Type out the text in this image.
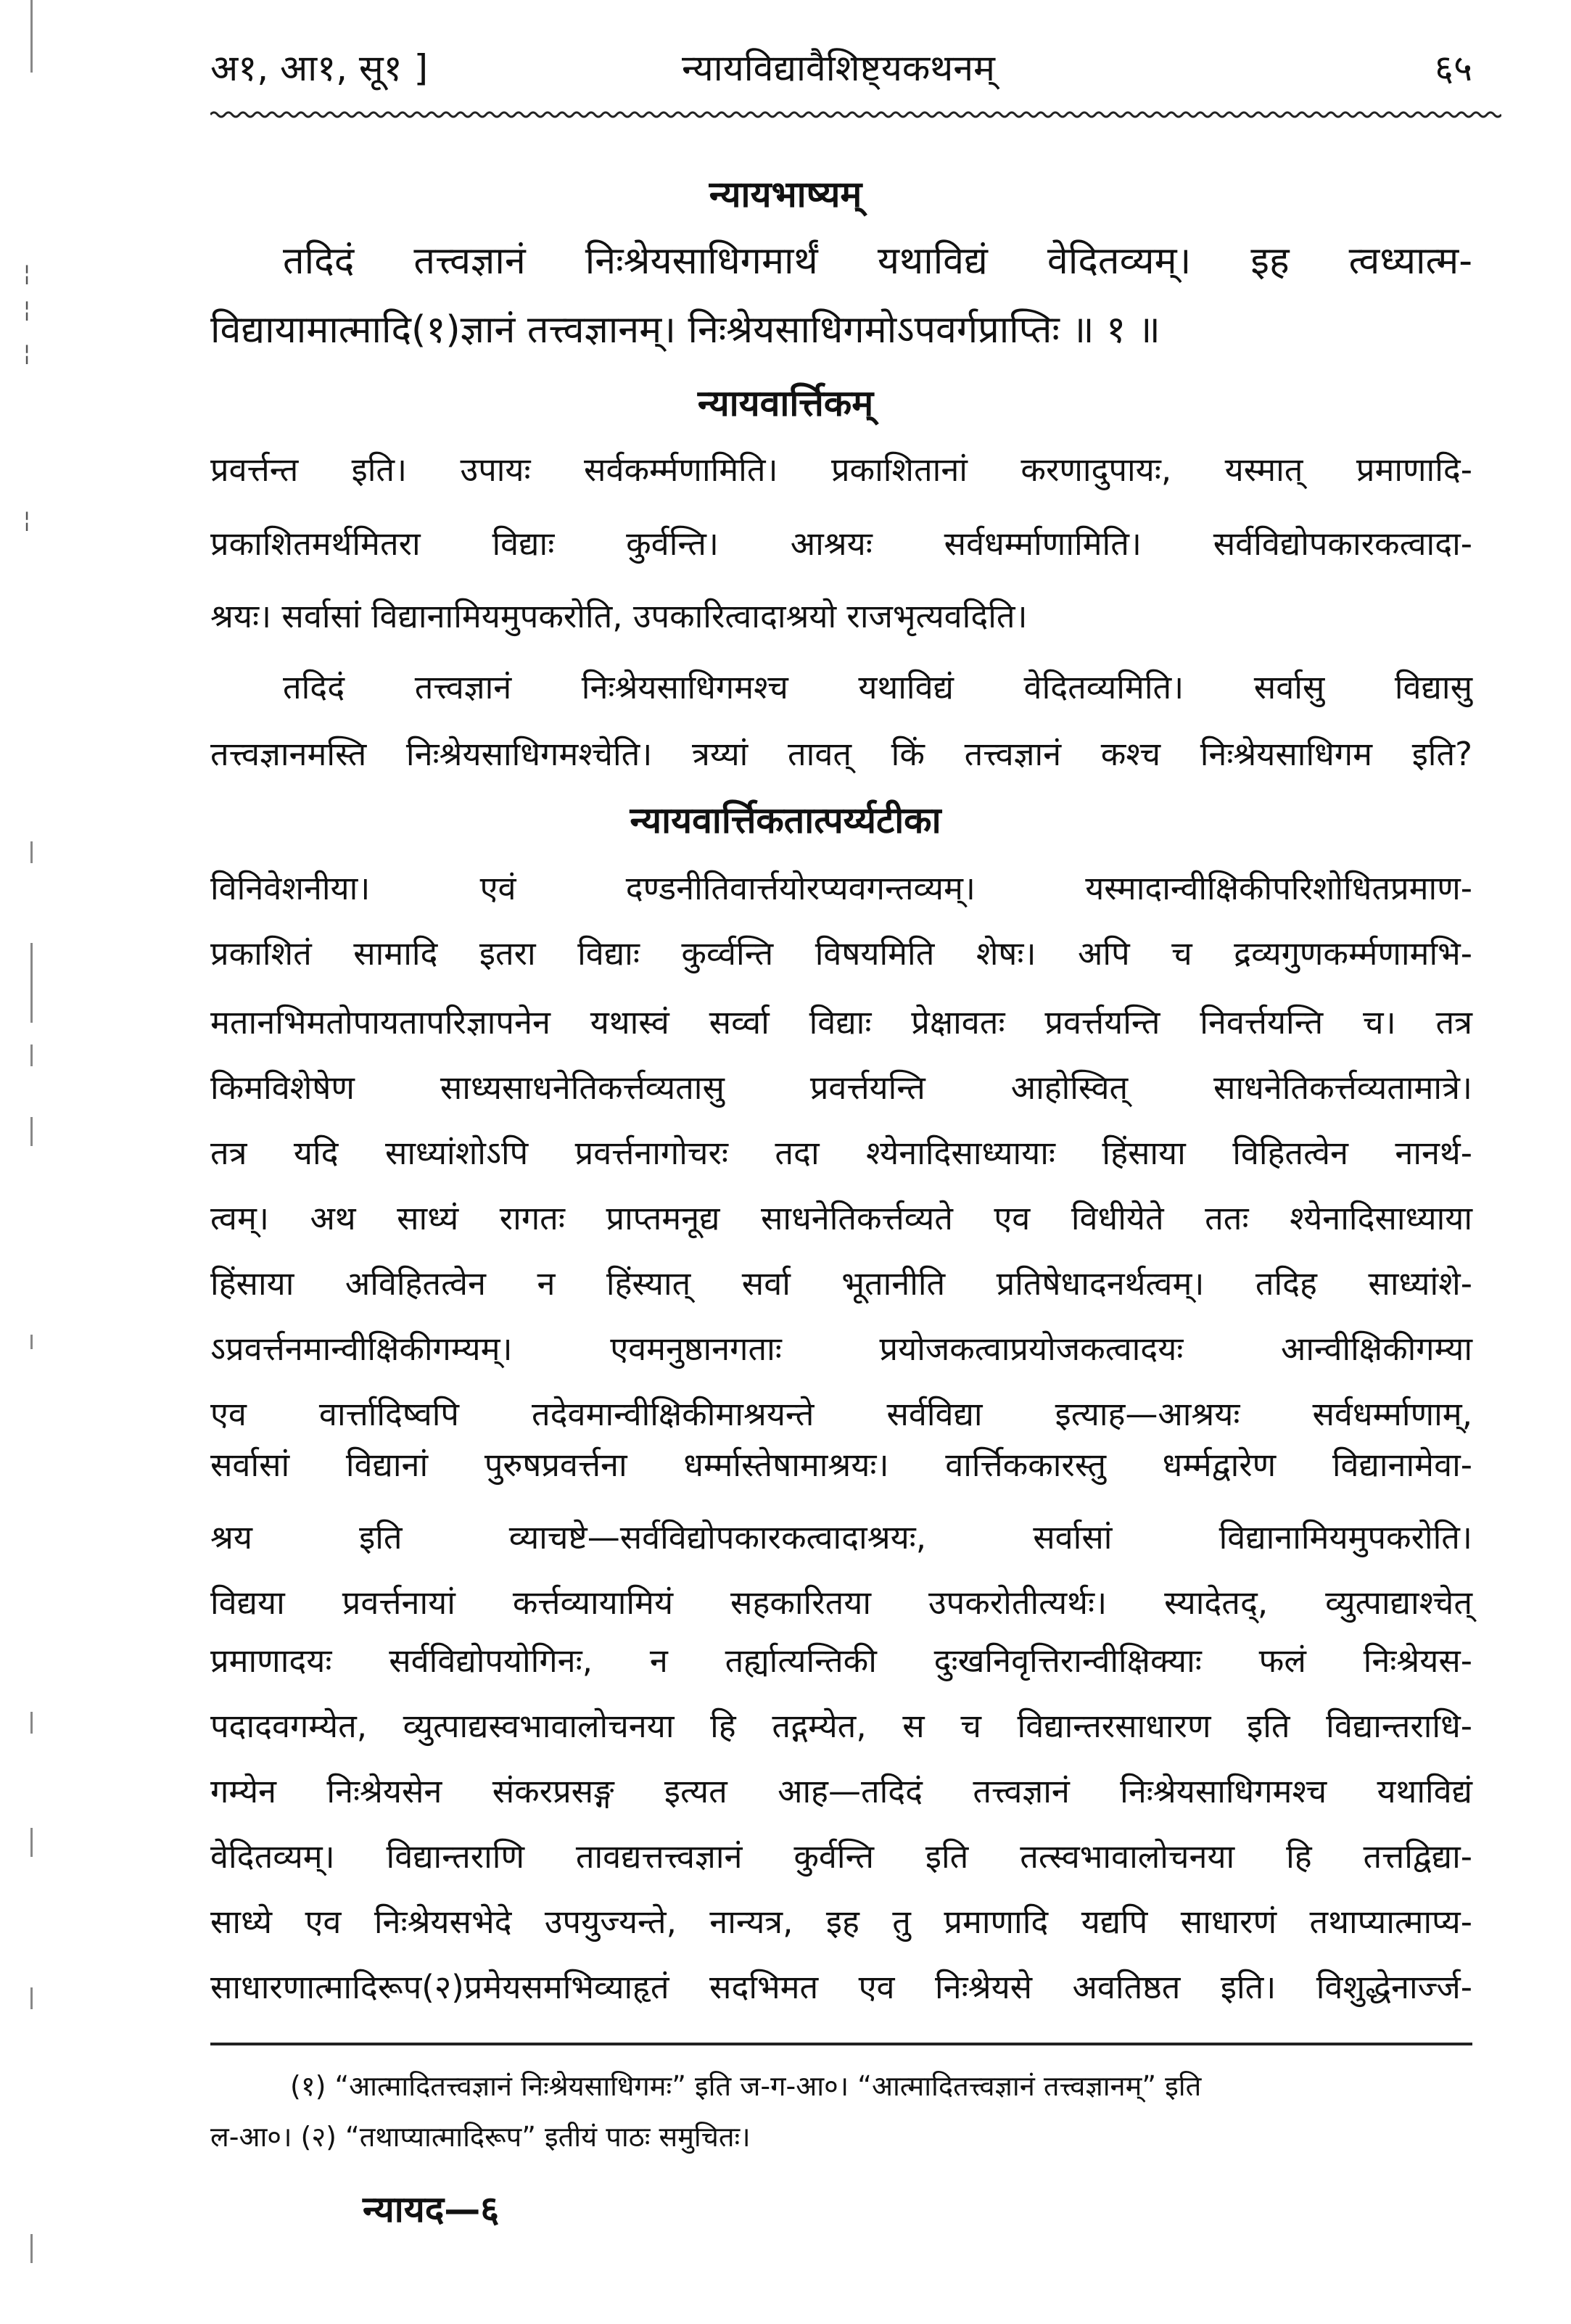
¦
¦
¦
¦
अ१, आ१, सू१ ]	न्यायविद्यावैशिष्ट्यकथनम्	६५
न्यायभाष्यम्
तदिदं तत्त्वज्ञानं निःश्रेयसाधिगमार्थं यथाविद्यं वेदितव्यम्। इह त्वध्यात्म-
विद्यायामात्मादि(१)ज्ञानं तत्त्वज्ञानम्। निःश्रेयसाधिगमोऽपवर्गप्राप्तिः ॥ १ ॥
न्यायवार्त्तिकम्
प्रवर्त्तन्त इति। उपायः सर्वकर्म्मणामिति। प्रकाशितानां करणादुपायः, यस्मात् प्रमाणादि-
प्रकाशितमर्थमितरा विद्याः कुर्वन्ति। आश्रयः सर्वधर्म्माणामिति। सर्वविद्योपकारकत्वादा-
श्रयः। सर्वासां विद्यानामियमुपकरोति, उपकारित्वादाश्रयो राजभृत्यवदिति।
तदिदं तत्त्वज्ञानं निःश्रेयसाधिगमश्च यथाविद्यं वेदितव्यमिति। सर्वासु विद्यासु
तत्त्वज्ञानमस्ति निःश्रेयसाधिगमश्चेति। त्रय्यां तावत् किं तत्त्वज्ञानं कश्च निःश्रेयसाधिगम इति?
न्यायवार्त्तिकतात्पर्य्यटीका
विनिवेशनीया। एवं दण्डनीतिवार्त्तयोरप्यवगन्तव्यम्। यस्मादान्वीक्षिकीपरिशोधितप्रमाण-
प्रकाशितं सामादि इतरा विद्याः कुर्व्वन्ति विषयमिति शेषः। अपि च द्रव्यगुणकर्म्मणामभि-
मतानभिमतोपायतापरिज्ञापनेन यथास्वं सर्व्वा विद्याः प्रेक्षावतः प्रवर्त्तयन्ति निवर्त्तयन्ति च। तत्र
किमविशेषेण साध्यसाधनेतिकर्त्तव्यतासु प्रवर्त्तयन्ति आहोस्वित् साधनेतिकर्त्तव्यतामात्रे।
तत्र यदि साध्यांशोऽपि प्रवर्त्तनागोचरः तदा श्येनादिसाध्यायाः हिंसाया विहितत्वेन नानर्थ-
त्वम्। अथ साध्यं रागतः प्राप्तमनूद्य साधनेतिकर्त्तव्यते एव विधीयेते ततः श्येनादिसाध्याया
हिंसाया अविहितत्वेन न हिंस्यात् सर्वा भूतानीति प्रतिषेधादनर्थत्वम्। तदिह साध्यांशे-
ऽप्रवर्त्तनमान्वीक्षिकीगम्यम्। एवमनुष्ठानगताः प्रयोजकत्वाप्रयोजकत्वादयः आन्वीक्षिकीगम्या
एव वार्त्तादिष्वपि तदेवमान्वीक्षिकीमाश्रयन्ते सर्वविद्या इत्याह—आश्रयः सर्वधर्म्माणाम्,
सर्वासां विद्यानां पुरुषप्रवर्त्तना धर्म्मास्तेषामाश्रयः। वार्त्तिककारस्तु धर्म्मद्वारेण विद्यानामेवा-
श्रय इति व्याचष्टे—सर्वविद्योपकारकत्वादाश्रयः, सर्वासां विद्यानामियमुपकरोति।
विद्यया प्रवर्त्तनायां कर्त्तव्यायामियं सहकारितया उपकरोतीत्यर्थः। स्यादेतद्, व्युत्पाद्याश्चेत्
प्रमाणादयः सर्वविद्योपयोगिनः, न तर्ह्यात्यन्तिकी दुःखनिवृत्तिरान्वीक्षिक्याः फलं निःश्रेयस-
पदादवगम्येत, व्युत्पाद्यस्वभावालोचनया हि तद्गम्येत, स च विद्यान्तरसाधारण इति विद्यान्तराधि-
गम्येन निःश्रेयसेन संकरप्रसङ्ग इत्यत आह—तदिदं तत्त्वज्ञानं निःश्रेयसाधिगमश्च यथाविद्यं
वेदितव्यम्। विद्यान्तराणि तावद्यत्तत्त्वज्ञानं कुर्वन्ति इति तत्स्वभावालोचनया हि तत्तद्विद्या-
साध्ये एव निःश्रेयसभेदे उपयुज्यन्ते, नान्यत्र, इह तु प्रमाणादि यद्यपि साधारणं तथाप्यात्माप्य-
साधारणात्मादिरूप(२)प्रमेयसमभिव्याहृतं सदभिमत एव निःश्रेयसे अवतिष्ठत इति। विशुद्धेनार्ज्ज-
(१) “आत्मादितत्त्वज्ञानं निःश्रेयसाधिगमः” इति ज-ग-आ०। “आत्मादितत्त्वज्ञानं तत्त्वज्ञानम्” इति
ल-आ०। (२) “तथाप्यात्मादिरूप” इतीयं पाठः समुचितः।
न्यायद—६
